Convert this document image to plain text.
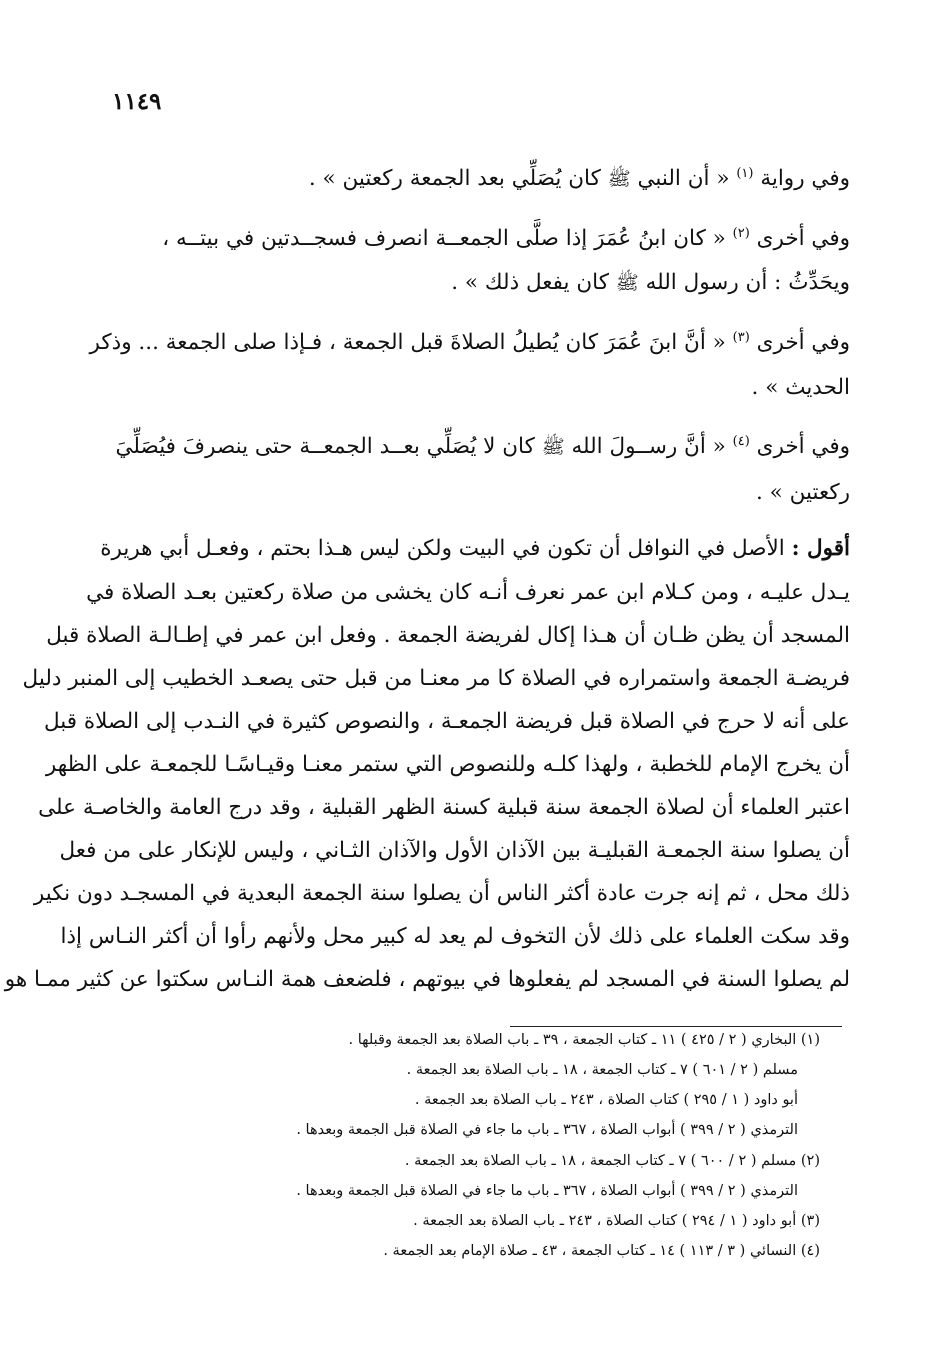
١١٤٩
وفي رواية $^{(١)}$ « أن النبي ﷺ كان يُصَلِّي بعد الجمعة ركعتين » .
وفي أخرى $^{(٢)}$ « كان ابنُ عُمَرَ إذا صلَّى الجمعــة انصرف فسجــدتين في بيتــه ،
ويحَدِّثُ : أن رسول الله ﷺ كان يفعل ذلك » .
وفي أخرى $^{(٣)}$ « أنَّ ابنَ عُمَرَ كان يُطيلُ الصلاةَ قبل الجمعة ، فـإذا صلى الجمعة ... وذكر
الحديث » .
وفي أخرى $^{(٤)}$ « أنَّ رســولَ الله ﷺ كان لا يُصَلِّي بعــد الجمعــة حتى ينصرفَ فيُصَلِّيَ
ركعتين » .
أقول : الأصل في النوافل أن تكون في البيت ولكن ليس هـذا بحتم ، وفعـل أبي هريرة
يـدل عليـه ، ومن كـلام ابن عمر نعرف أنـه كان يخشى من صلاة ركعتين بعـد الصلاة في
المسجد أن يظن ظـان أن هـذا إكال لفريضة الجمعة . وفعل ابن عمر في إطـالـة الصلاة قبل
فريضـة الجمعة واستمراره في الصلاة كا مر معنـا من قبل حتى يصعـد الخطيب إلى المنبر دليل
على أنه لا حرج في الصلاة قبل فريضة الجمعـة ، والنصوص كثيرة في النـدب إلى الصلاة قبل
أن يخرج الإمام للخطبة ، ولهذا كلـه وللنصوص التي ستمر معنـا وقيـاسًـا للجمعـة على الظهر
اعتبر العلماء أن لصلاة الجمعة سنة قبلية كسنة الظهر القبلية ، وقد درج العامة والخاصـة على
أن يصلوا سنة الجمعـة القبليـة بين الآذان الأول والآذان الثـاني ، وليس للإنكار على من فعل
ذلك محل ، ثم إنه جرت عادة أكثر الناس أن يصلوا سنة الجمعة البعدية في المسجـد دون نكير
وقد سكت العلماء على ذلك لأن التخوف لم يعد له كبير محل ولأنهم رأوا أن أكثر النـاس إذا
لم يصلوا السنة في المسجد لم يفعلوها في بيوتهم ، فلضعف همة النـاس سكتوا عن كثير ممـا هو
(١) البخاري ( ٢ / ٤٢٥ ) ١١ ـ كتاب الجمعة ، ٣٩ ـ باب الصلاة بعد الجمعة وقبلها .
مسلم ( ٢ / ٦٠١ ) ٧ ـ كتاب الجمعة ، ١٨ ـ باب الصلاة بعد الجمعة .
أبو داود ( ١ / ٢٩٥ ) كتاب الصلاة ، ٢٤٣ ـ باب الصلاة بعد الجمعة .
الترمذي ( ٢ / ٣٩٩ ) أبواب الصلاة ، ٣٦٧ ـ باب ما جاء في الصلاة قبل الجمعة وبعدها .
(٢) مسلم ( ٢ / ٦٠٠ ) ٧ ـ كتاب الجمعة ، ١٨ ـ باب الصلاة بعد الجمعة .
الترمذي ( ٢ / ٣٩٩ ) أبواب الصلاة ، ٣٦٧ ـ باب ما جاء في الصلاة قبل الجمعة وبعدها .
(٣) أبو داود ( ١ / ٢٩٤ ) كتاب الصلاة ، ٢٤٣ ـ باب الصلاة بعد الجمعة .
(٤) النسائي ( ٣ / ١١٣ ) ١٤ ـ كتاب الجمعة ، ٤٣ ـ صلاة الإمام بعد الجمعة .
